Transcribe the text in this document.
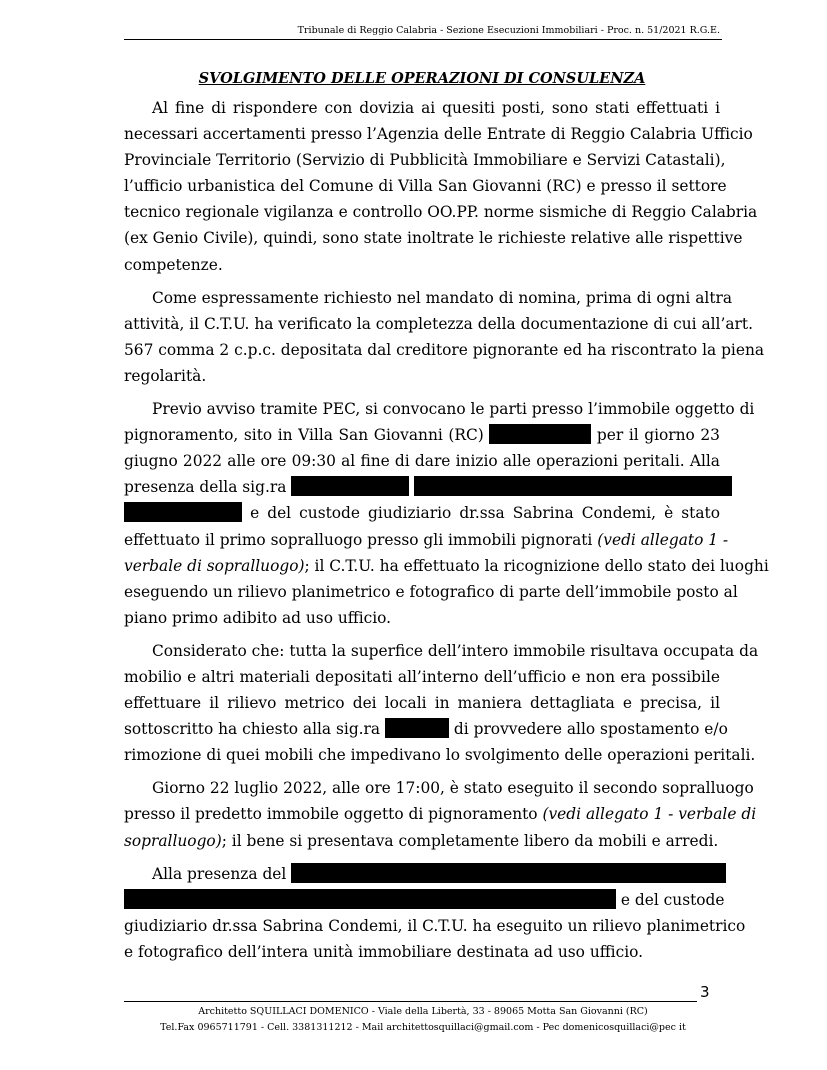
Tribunale di Reggio Calabria - Sezione Esecuzioni Immobiliari - Proc. n. 51/2021 R.G.E.
SVOLGIMENTO DELLE OPERAZIONI DI CONSULENZA
Al fine di rispondere con dovizia ai quesiti posti, sono stati effettuati i
necessari accertamenti presso l’Agenzia delle Entrate di Reggio Calabria Ufficio
Provinciale Territorio (Servizio di Pubblicità Immobiliare e Servizi Catastali),
l’ufficio urbanistica del Comune di Villa San Giovanni (RC) e presso il settore
tecnico regionale vigilanza e controllo OO.PP. norme sismiche di Reggio Calabria
(ex Genio Civile), quindi, sono state inoltrate le richieste relative alle rispettive
competenze.
Come espressamente richiesto nel mandato di nomina, prima di ogni altra
attività, il C.T.U. ha verificato la completezza della documentazione di cui all’art.
567 comma 2 c.p.c. depositata dal creditore pignorante ed ha riscontrato la piena
regolarità.
Previo avviso tramite PEC, si convocano le parti presso l’immobile oggetto di
pignoramento, sito in Villa San Giovanni (RC)	per il giorno 23
giugno 2022 alle ore 09:30 al fine di dare inizio alle operazioni peritali. Alla
presenza della sig.ra
e del custode giudiziario dr.ssa Sabrina Condemi, è stato
effettuato il primo sopralluogo presso gli immobili pignorati (vedi allegato 1 -
verbale di sopralluogo); il C.T.U. ha effettuato la ricognizione dello stato dei luoghi
eseguendo un rilievo planimetrico e fotografico di parte dell’immobile posto al
piano primo adibito ad uso ufficio.
Considerato che: tutta la superfice dell’intero immobile risultava occupata da
mobilio e altri materiali depositati all’interno dell’ufficio e non era possibile
effettuare il rilievo metrico dei locali in maniera dettagliata e precisa, il
sottoscritto ha chiesto alla sig.ra	di provvedere allo spostamento e/o
rimozione di quei mobili che impedivano lo svolgimento delle operazioni peritali.
Giorno 22 luglio 2022, alle ore 17:00, è stato eseguito il secondo sopralluogo
presso il predetto immobile oggetto di pignoramento (vedi allegato 1 - verbale di
sopralluogo); il bene si presentava completamente libero da mobili e arredi.
Alla presenza del
e del custode
giudiziario dr.ssa Sabrina Condemi, il C.T.U. ha eseguito un rilievo planimetrico
e fotografico dell’intera unità immobiliare destinata ad uso ufficio.
3
Architetto SQUILLACI DOMENICO - Viale della Libertà, 33 - 89065 Motta San Giovanni (RC)
Tel.Fax 0965711791 - Cell. 3381311212 - Mail architettosquillaci@gmail.com - Pec domenicosquillaci@pec it
